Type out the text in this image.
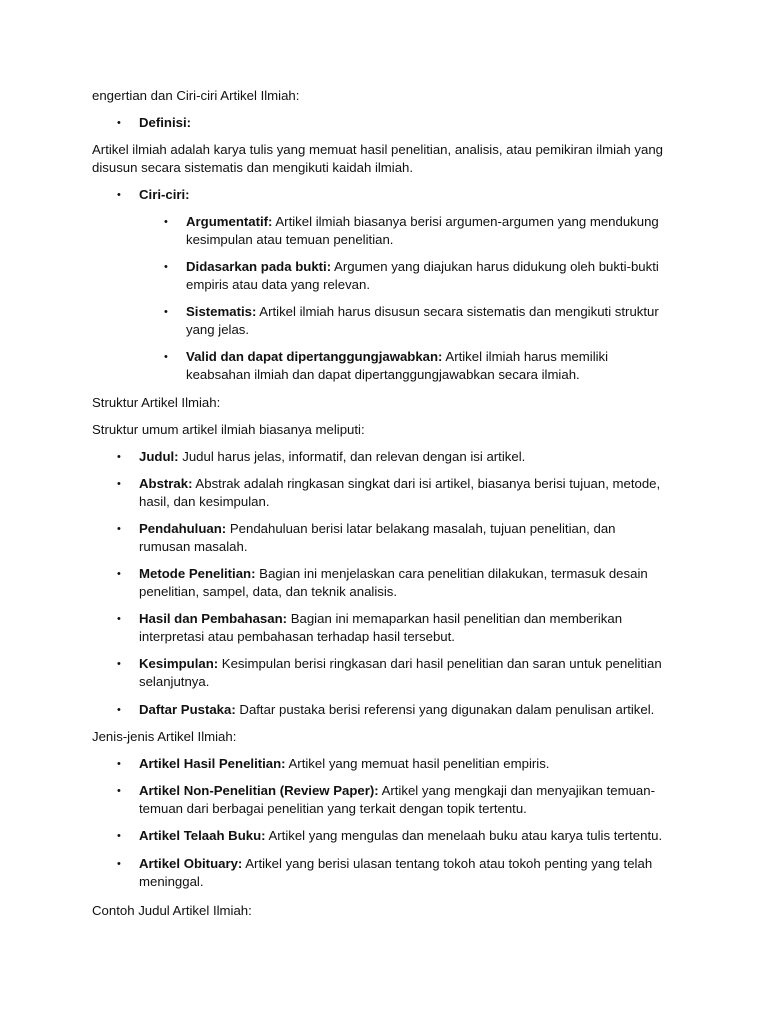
engertian dan Ciri-ciri Artikel Ilmiah:

• Definisi:

Artikel ilmiah adalah karya tulis yang memuat hasil penelitian, analisis, atau pemikiran ilmiah yang disusun secara sistematis dan mengikuti kaidah ilmiah.

• Ciri-ciri:
• Argumentatif: Artikel ilmiah biasanya berisi argumen-argumen yang mendukung kesimpulan atau temuan penelitian.
• Didasarkan pada bukti: Argumen yang diajukan harus didukung oleh bukti-bukti empiris atau data yang relevan.
• Sistematis: Artikel ilmiah harus disusun secara sistematis dan mengikuti struktur yang jelas.
• Valid dan dapat dipertanggungjawabkan: Artikel ilmiah harus memiliki keabsahan ilmiah dan dapat dipertanggungjawabkan secara ilmiah.

Struktur Artikel Ilmiah:

Struktur umum artikel ilmiah biasanya meliputi:

• Judul: Judul harus jelas, informatif, dan relevan dengan isi artikel.
• Abstrak: Abstrak adalah ringkasan singkat dari isi artikel, biasanya berisi tujuan, metode, hasil, dan kesimpulan.
• Pendahuluan: Pendahuluan berisi latar belakang masalah, tujuan penelitian, dan rumusan masalah.
• Metode Penelitian: Bagian ini menjelaskan cara penelitian dilakukan, termasuk desain penelitian, sampel, data, dan teknik analisis.
• Hasil dan Pembahasan: Bagian ini memaparkan hasil penelitian dan memberikan interpretasi atau pembahasan terhadap hasil tersebut.
• Kesimpulan: Kesimpulan berisi ringkasan dari hasil penelitian dan saran untuk penelitian selanjutnya.
• Daftar Pustaka: Daftar pustaka berisi referensi yang digunakan dalam penulisan artikel.

Jenis-jenis Artikel Ilmiah:

• Artikel Hasil Penelitian: Artikel yang memuat hasil penelitian empiris.
• Artikel Non-Penelitian (Review Paper): Artikel yang mengkaji dan menyajikan temuan-temuan dari berbagai penelitian yang terkait dengan topik tertentu.
• Artikel Telaah Buku: Artikel yang mengulas dan menelaah buku atau karya tulis tertentu.
• Artikel Obituary: Artikel yang berisi ulasan tentang tokoh atau tokoh penting yang telah meninggal.

Contoh Judul Artikel Ilmiah:
